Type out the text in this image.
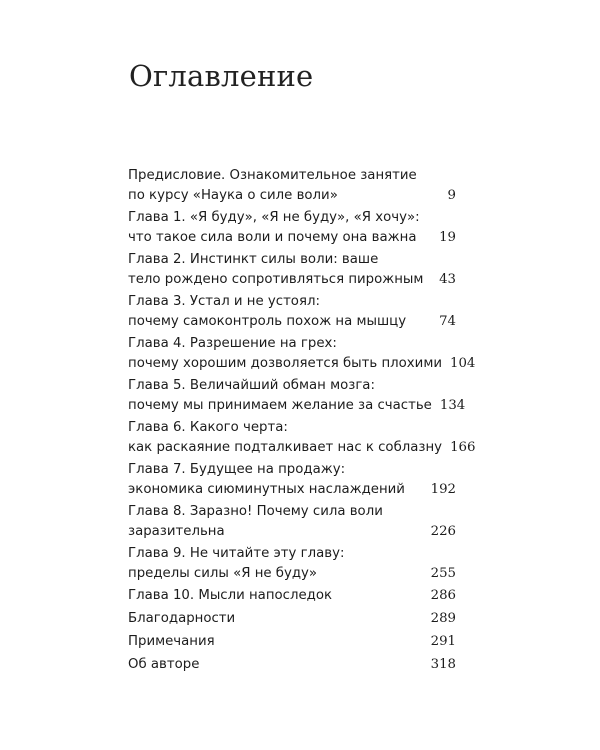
Оглавление
Предисловие. Ознакомительное занятие
по курсу «Наука о силе воли»	9
Глава 1. «Я буду», «Я не буду», «Я хочу»:
что такое сила воли и почему она важна	19
Глава 2. Инстинкт силы воли: ваше
тело рождено сопротивляться пирожным	43
Глава 3. Устал и не устоял:
почему самоконтроль похож на мышцу	74
Глава 4. Разрешение на грех:
почему хорошим дозволяется быть плохими 104
Глава 5. Величайший обман мозга:
почему мы принимаем желание за счастье 134
Глава 6. Какого черта:
как раскаяние подталкивает нас к соблазну 166
Глава 7. Будущее на продажу:
экономика сиюминутных наслаждений	192
Глава 8. Заразно! Почему сила воли
заразительна	226
Глава 9. Не читайте эту главу:
пределы силы «Я не буду»	255
Глава 10. Мысли напоследок	286
Благодарности	289
Примечания	291
Об авторе	318
